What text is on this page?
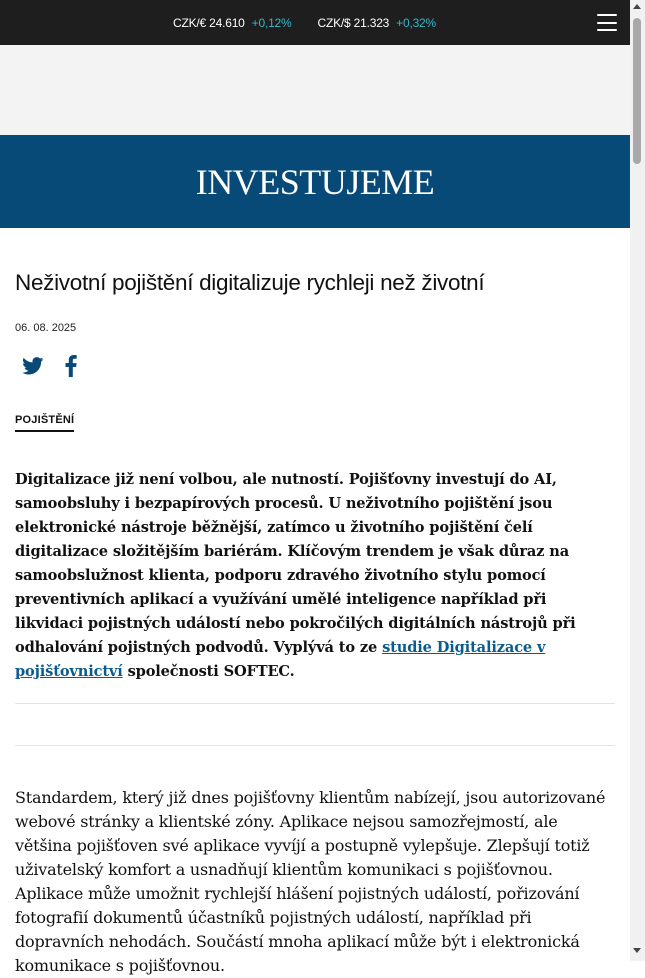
CZK/€ 24.610 +0,12% CZK/$ 21.323 +0,32%
INVESTUJEME
Neživotní pojištění digitalizuje rychleji než životní
06. 08. 2025
POJIŠTĚNÍ

Digitalizace již není volbou, ale nutností. Pojišťovny investují do AI, samoobsluhy i bezpapírových procesů. U neživotního pojištění jsou elektronické nástroje běžnější, zatímco u životního pojištění čelí digitalizace složitějším bariérám. Klíčovým trendem je však důraz na samoobslužnost klienta, podporu zdravého životního stylu pomocí preventivních aplikací a využívání umělé inteligence například při likvidaci pojistných událostí nebo pokročilých digitálních nástrojů při odhalování pojistných podvodů. Vyplývá to ze studie Digitalizace v pojišťovnictví společnosti SOFTEC.

Standardem, který již dnes pojišťovny klientům nabízejí, jsou autorizované webové stránky a klientské zóny. Aplikace nejsou samozřejmostí, ale většina pojišťoven své aplikace vyvíjí a postupně vylepšuje. Zlepšují totiž uživatelský komfort a usnadňují klientům komunikaci s pojišťovnou. Aplikace může umožnit rychlejší hlášení pojistných událostí, pořizování fotografií dokumentů účastníků pojistných událostí, například při dopravních nehodách. Součástí mnoha aplikací může být i elektronická komunikace s pojišťovnou.
